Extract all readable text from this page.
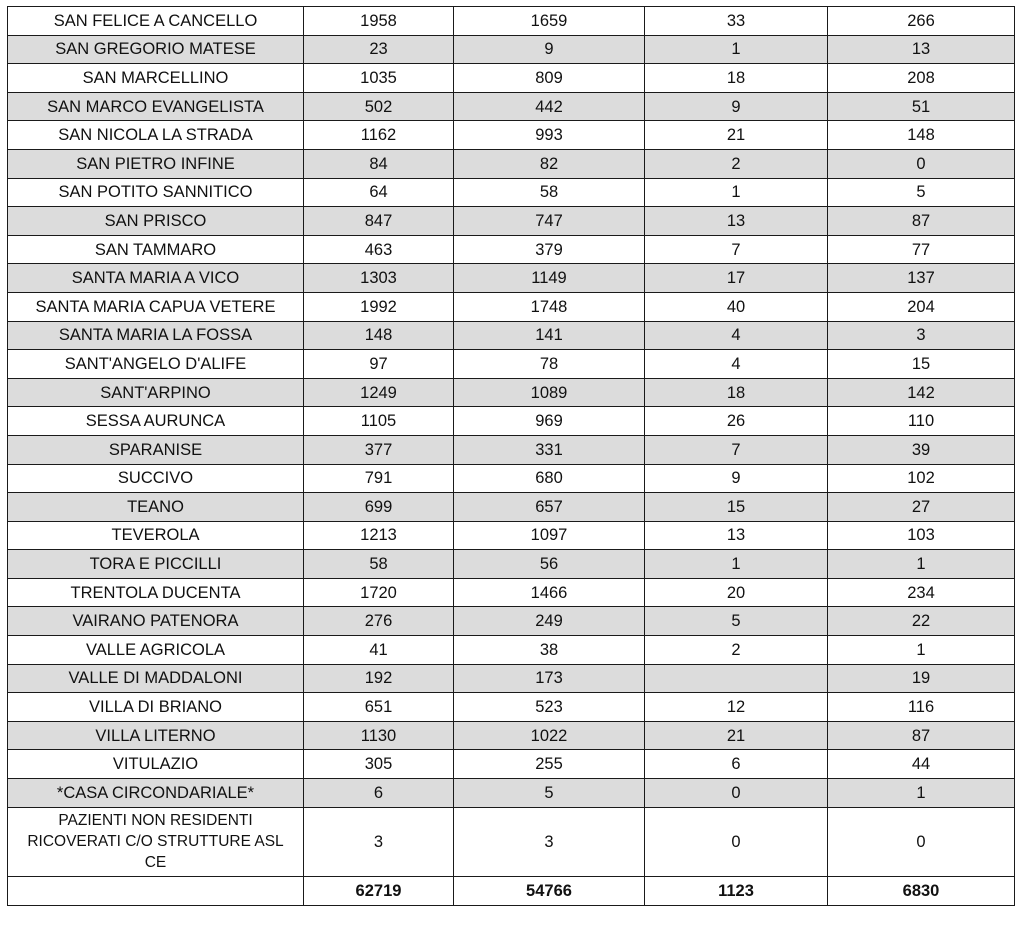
SAN FELICE A CANCELLO	1958	1659	33	266
SAN GREGORIO MATESE	23	9	1	13
SAN MARCELLINO	1035	809	18	208
SAN MARCO EVANGELISTA	502	442	9	51
SAN NICOLA LA STRADA	1162	993	21	148
SAN PIETRO INFINE	84	82	2	0
SAN POTITO SANNITICO	64	58	1	5
SAN PRISCO	847	747	13	87
SAN TAMMARO	463	379	7	77
SANTA MARIA A VICO	1303	1149	17	137
SANTA MARIA CAPUA VETERE	1992	1748	40	204
SANTA MARIA LA FOSSA	148	141	4	3
SANT'ANGELO D'ALIFE	97	78	4	15
SANT'ARPINO	1249	1089	18	142
SESSA AURUNCA	1105	969	26	110
SPARANISE	377	331	7	39
SUCCIVO	791	680	9	102
TEANO	699	657	15	27
TEVEROLA	1213	1097	13	103
TORA E PICCILLI	58	56	1	1
TRENTOLA DUCENTA	1720	1466	20	234
VAIRANO PATENORA	276	249	5	22
VALLE AGRICOLA	41	38	2	1
VALLE DI MADDALONI	192	173		19
VILLA DI BRIANO	651	523	12	116
VILLA LITERNO	1130	1022	21	87
VITULAZIO	305	255	6	44
*CASA CIRCONDARIALE*	6	5	0	1

PAZIENTI NON RESIDENTI
RICOVERATI C/O STRUTTURE ASL
CE	3	3	0	0
	62719	54766	1123	6830
